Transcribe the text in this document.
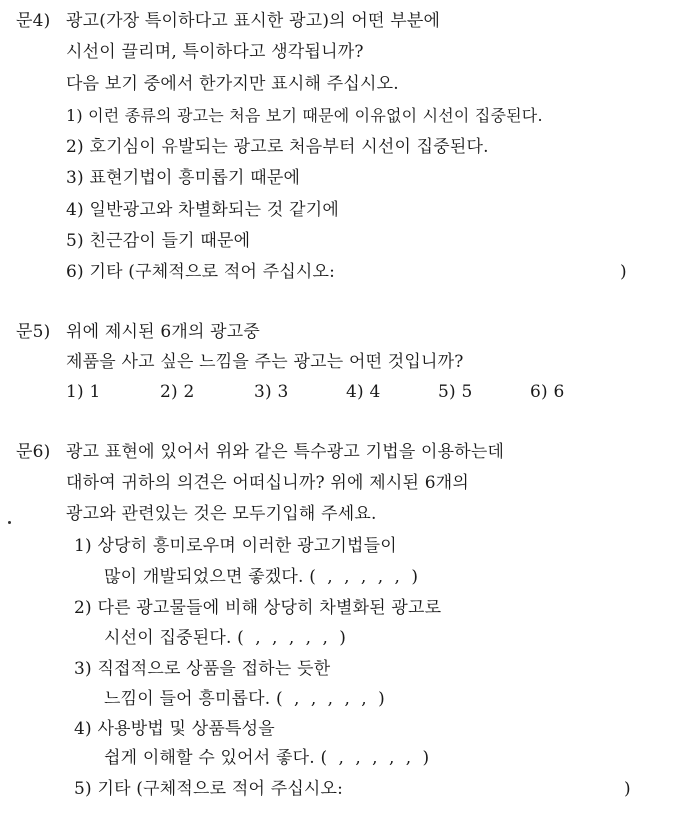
문4) 광고(가장 특이하다고 표시한 광고)의 어떤 부분에
시선이 끌리며, 특이하다고 생각됩니까?
다음 보기 중에서 한가지만 표시해 주십시오.
1) 이런 종류의 광고는 처음 보기 때문에 이유없이 시선이 집중된다.
2) 호기심이 유발되는 광고로 처음부터 시선이 집중된다.
3) 표현기법이 흥미롭기 때문에
4) 일반광고와 차별화되는 것 같기에
5) 친근감이 들기 때문에
6) 기타 (구체적으로 적어 주십시오:	)
문5) 위에 제시된 6개의 광고중
제품을 사고 싶은 느낌을 주는 광고는 어떤 것입니까?
1) 1	2) 2	3) 3	4) 4	5) 5	6) 6
문6) 광고 표현에 있어서 위와 같은 특수광고 기법을 이용하는데
대하여 귀하의 의견은 어떠십니까? 위에 제시된 6개의
광고와 관련있는 것은 모두기입해 주세요.
1) 상당히 흥미로우며 이러한 광고기법들이
많이 개발되었으면 좋겠다. (  ,  ,  ,  ,  ,  )
2) 다른 광고물들에 비해 상당히 차별화된 광고로
시선이 집중된다. (  ,  ,  ,  ,  ,  )
3) 직접적으로 상품을 접하는 듯한
느낌이 들어 흥미롭다. (  ,  ,  ,  ,  ,  )
4) 사용방법 및 상품특성을
쉽게 이해할 수 있어서 좋다. (  ,  ,  ,  ,  ,  )
5) 기타 (구체적으로 적어 주십시오:	)
